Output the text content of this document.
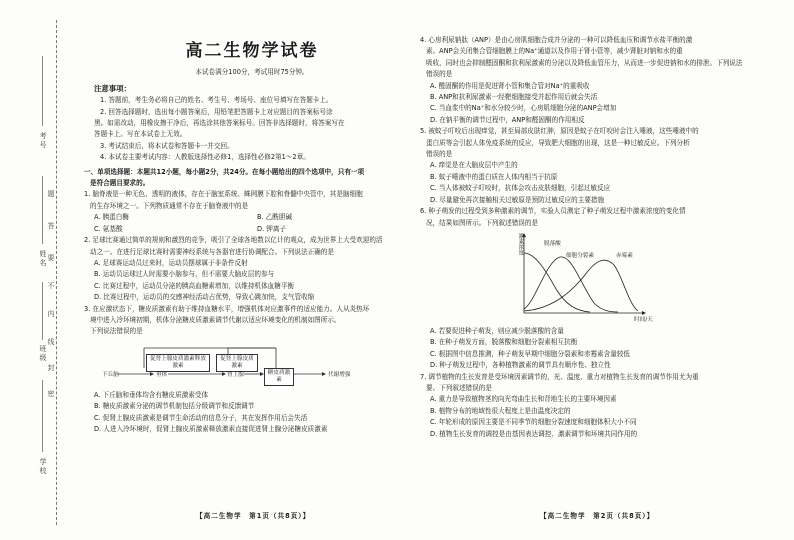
考号
姓名
班级
学校
题
答
要
不
内
线
封
密
高二生物学试卷
本试卷满分100分，考试用时75分钟。
注意事项：
1. 答题前，考生务必将自己的姓名、考生号、考场号、座位号填写在答题卡上。
2. 回答选择题时，选出每小题答案后，用铅笔把答题卡上对应题目的答案标号涂
黑。如需改动，用橡皮擦干净后，再选涂其他答案标号。回答非选择题时，将答案写在
答题卡上。写在本试卷上无效。
3. 考试结束后，将本试卷和答题卡一并交回。
4. 本试卷主要考试内容：人教版选择性必修1，选择性必修2第1～2章。
一、单项选择题：本题共12小题，每小题2分，共24分。在每小题给出的四个选项中，只有一项
是符合题目要求的。
1. 脑脊液是一种无色、透明的液体，存在于脑室系统、蛛网膜下腔和脊髓中央管中，其是脑细胞
的生存环境之一。下列物质通常不存在于脑脊液中的是
A. 胰蛋白酶	B. 乙酰胆碱
C. 氨基酸	D. 钾离子
2. 足球比赛通过简单的规则和激烈的竞争，吸引了全球各地数以亿计的观众，成为世界上大受欢迎的活
动之一。在进行足球比赛时需要神经系统与各器官进行协调配合。下列说法正确的是
A. 足球赛运动员过来时，运动员摆球属于非条件反射
B. 运动员运球过人时需要小脑参与，但不需要大脑皮层的参与
C. 比赛过程中，运动员分泌的胰高血糖素增加，以维持机体血糖平衡
D. 比赛过程中，运动员的交感神经活动占优势，导致心跳加快，支气管收缩
3. 在应激状态下，糖皮质激素有助于维持血糖水平，增强机体对应激事件的适应能力。人从炎热环
境中进入冷环境初期，机体分泌糖皮质激素调节代谢以适应环境变化的机制如图所示。
下列说法错误的是
下丘脑
促肾上腺皮质激素释放激素
垂体
促肾上腺皮质激素
肾上腺	糖皮质激素
代谢增强
A. 下丘脑和垂体均含有糖皮质激素受体
B. 糖皮质激素分泌的调节机制包括分级调节和反馈调节
C. 促肾上腺皮质激素是调节生命活动的信息分子，其在发挥作用后会失活
D. 人进入冷环境时，促肾上腺皮质激素释放激素直接促进肾上腺分泌糖皮质激素
4. 心房利尿钠肽（ANP）是由心房肌细胞合成并分泌的一种可以降低血压和调节水盐平衡的激
素。ANP会关闭集合管细胞膜上的Na⁺通道以及作用于肾小管等，减少肾脏对钠和水的重
吸收，同时也会抑制醛固酮和抗利尿激素的分泌以及降低血管压力，从而进一步促进钠和水的排泄。下列说法
错误的是
A. 醛固酮的作用是促进肾小管和集合管对Na⁺的重吸收
B. ANP和抗利尿激素一经靶细胞接受并起作用后就会失活
C. 当血浆中的Na⁺和水分较少时，心房肌细胞分泌的ANP会增加
D. 在钠平衡的调节过程中，ANP和醛固酮的作用相反
5. 被蚊子叮咬后出现痒觉，甚至局部皮肤红肿，原因是蚊子在叮咬时会注入唾液，这些唾液中的
蛋白质等会引起人体免疫系统的反应，导致肥大细胞的出现，这是一种过敏反应。下列分析
错误的是
A. 痒觉是在大脑皮层中产生的
B. 蚊子唾液中的蛋白质在人体内相当于抗原
C. 当人体被蚊子叮咬时，抗体会攻击皮肤细胞，引起过敏反应
D. 尽量避免再次接触相关过敏原是预防过敏反应的主要措施
6. 种子萌发的过程受到多种激素的调节，实验人员测定了种子萌发过程中激素浓度的变化情
况，结果如图所示。下列叙述错误的是
激素浓度	脱落酸
细胞分裂素	赤霉素
时间/天
A. 若要促进种子萌发，则应减少脱落酸的含量
B. 在种子萌发方面，脱落酸和细胞分裂素相互抗衡
C. 根据图中信息推测，种子萌发早期中细胞分裂素和赤霉素含量较低
D. 种子萌发过程中，各种植物激素的调节具有顺序性、独立性
7. 调节植物的生长发育是受环境因素调节的，光、温度、重力对植物生长发育的调节作用尤为重
要。下列叙述错误的是
A. 重力是导致植物茎的向光弯曲生长和背地生长的主要环境因素
B. 植物分布的地域性很大程度上是由温度决定的
C. 年轮形成的原因主要是不同季节的细胞分裂速度和细胞体积大小不同
D. 植物生长发育的调控是由基因表达调控、激素调节和环境共同作用的
【高二生物学　第1页（共8页）】	【高二生物学　第2页（共8页）】
